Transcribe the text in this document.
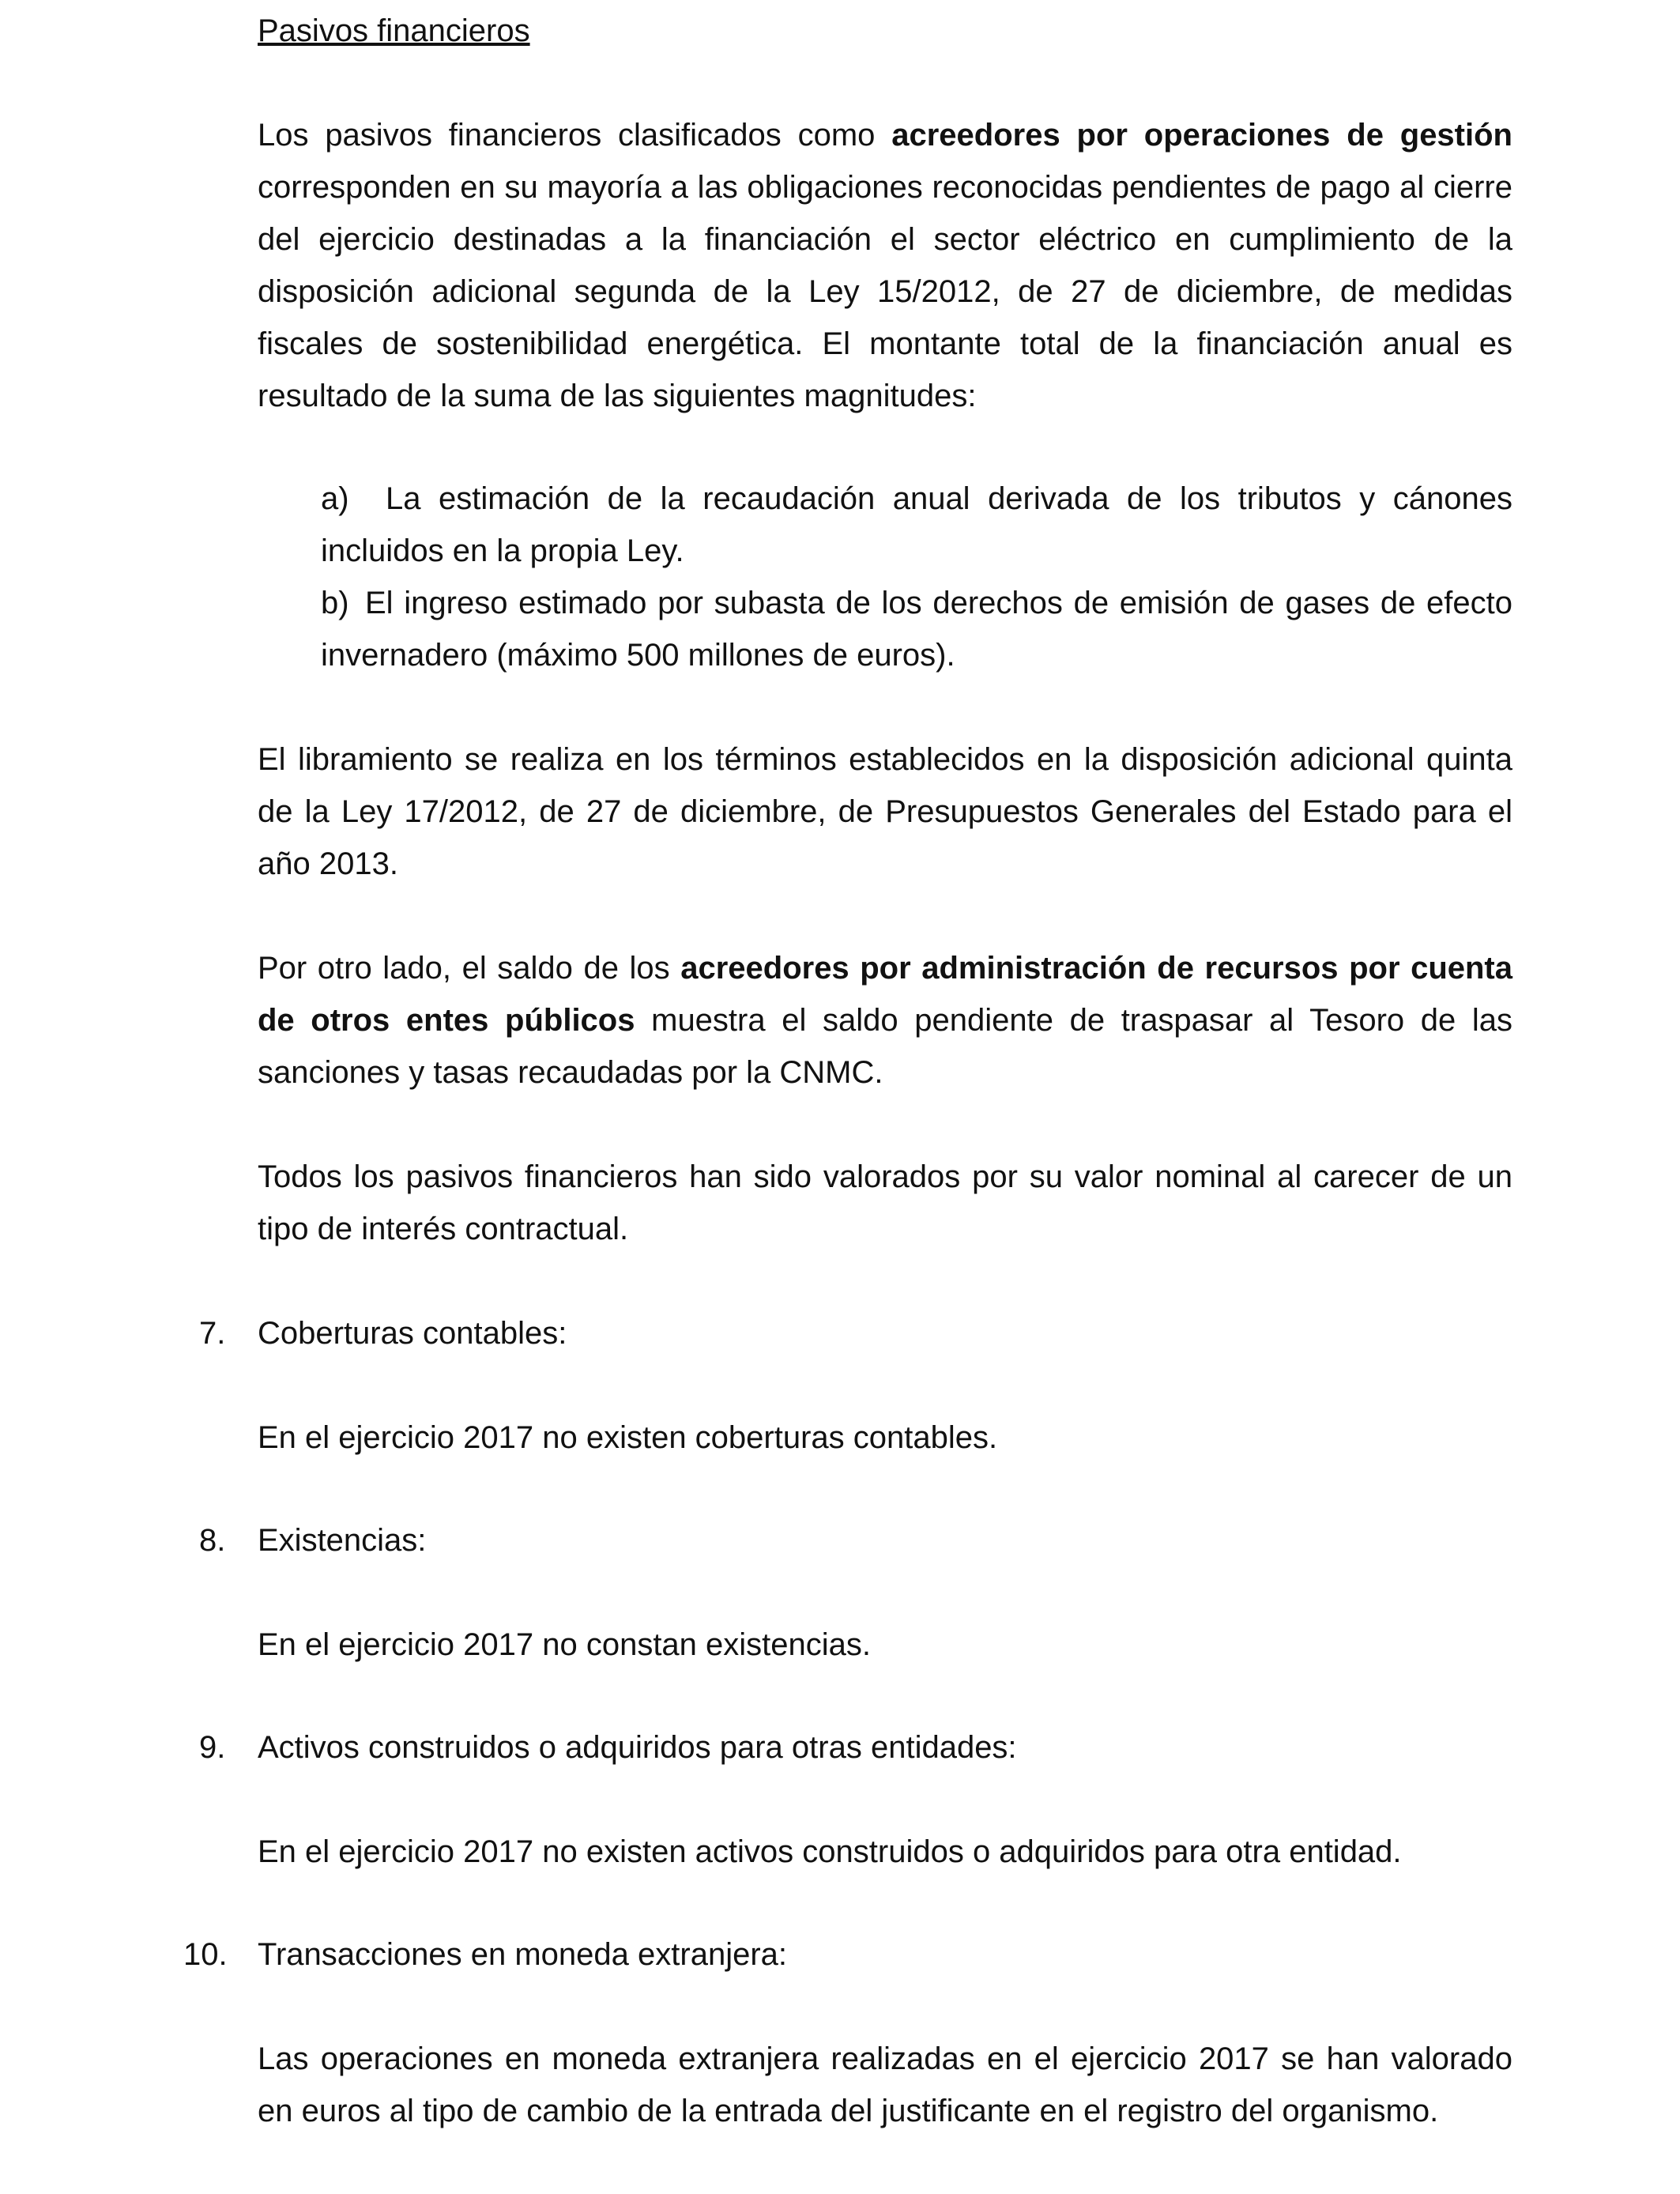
Pasivos financieros
Los pasivos financieros clasificados como acreedores por operaciones de gestión corresponden en su mayoría a las obligaciones reconocidas pendientes de pago al cierre del ejercicio destinadas a la financiación el sector eléctrico en cumplimiento de la disposición adicional segunda de la Ley 15/2012, de 27 de diciembre, de medidas fiscales de sostenibilidad energética. El montante total de la financiación anual es resultado de la suma de las siguientes magnitudes:
a) La estimación de la recaudación anual derivada de los tributos y cánones incluidos en la propia Ley.
b) El ingreso estimado por subasta de los derechos de emisión de gases de efecto invernadero (máximo 500 millones de euros).
El libramiento se realiza en los términos establecidos en la disposición adicional quinta de la Ley 17/2012, de 27 de diciembre, de Presupuestos Generales del Estado para el año 2013.
Por otro lado, el saldo de los acreedores por administración de recursos por cuenta de otros entes públicos muestra el saldo pendiente de traspasar al Tesoro de las sanciones y tasas recaudadas por la CNMC.
Todos los pasivos financieros han sido valorados por su valor nominal al carecer de un tipo de interés contractual.
7. Coberturas contables:
En el ejercicio 2017 no existen coberturas contables.
8. Existencias:
En el ejercicio 2017 no constan existencias.
9. Activos construidos o adquiridos para otras entidades:
En el ejercicio 2017 no existen activos construidos o adquiridos para otra entidad.
10. Transacciones en moneda extranjera:
Las operaciones en moneda extranjera realizadas en el ejercicio 2017 se han valorado en euros al tipo de cambio de la entrada del justificante en el registro del organismo.
